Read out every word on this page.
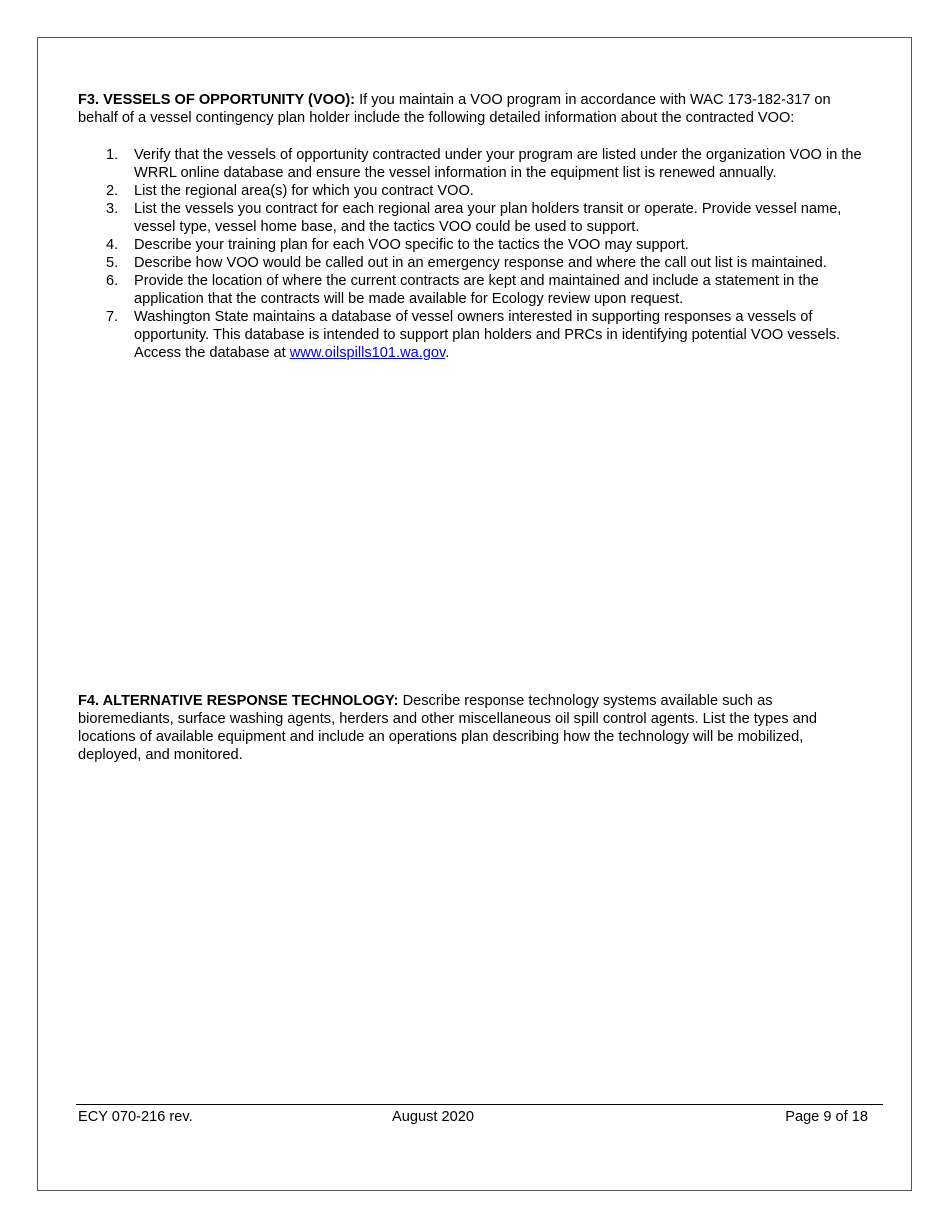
F3. VESSELS OF OPPORTUNITY (VOO): If you maintain a VOO program in accordance with WAC 173-182-317 on behalf of a vessel contingency plan holder include the following detailed information about the contracted VOO:
1. Verify that the vessels of opportunity contracted under your program are listed under the organization VOO in the WRRL online database and ensure the vessel information in the equipment list is renewed annually.
2. List the regional area(s) for which you contract VOO.
3. List the vessels you contract for each regional area your plan holders transit or operate. Provide vessel name, vessel type, vessel home base, and the tactics VOO could be used to support.
4. Describe your training plan for each VOO specific to the tactics the VOO may support.
5. Describe how VOO would be called out in an emergency response and where the call out list is maintained.
6. Provide the location of where the current contracts are kept and maintained and include a statement in the application that the contracts will be made available for Ecology review upon request.
7. Washington State maintains a database of vessel owners interested in supporting responses a vessels of opportunity. This database is intended to support plan holders and PRCs in identifying potential VOO vessels. Access the database at www.oilspills101.wa.gov.
F4. ALTERNATIVE RESPONSE TECHNOLOGY: Describe response technology systems available such as bioremediants, surface washing agents, herders and other miscellaneous oil spill control agents. List the types and locations of available equipment and include an operations plan describing how the technology will be mobilized, deployed, and monitored.
ECY 070-216 rev.	August 2020	Page 9 of 18
